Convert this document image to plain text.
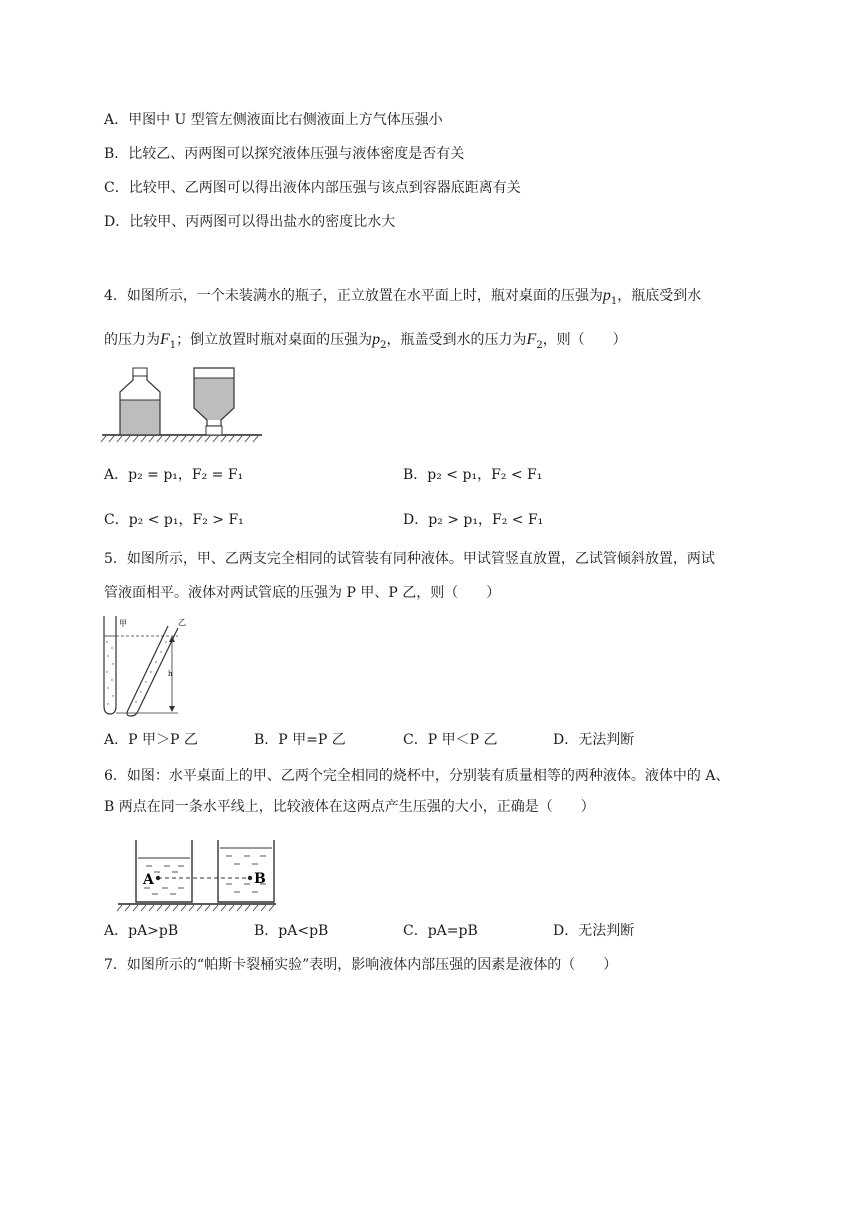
A．甲图中 U 型管左侧液面比右侧液面上方气体压强小
B．比较乙、丙两图可以探究液体压强与液体密度是否有关
C．比较甲、乙两图可以得出液体内部压强与该点到容器底距离有关
D．比较甲、丙两图可以得出盐水的密度比水大
4．如图所示，一个未装满水的瓶子，正立放置在水平面上时，瓶对桌面的压强为$p_1$，瓶底受到水
的压力为$F_1$；倒立放置时瓶对桌面的压强为$p_2$，瓶盖受到水的压力为$F_2$，则（　　）
A．p₂ = p₁，F₂ = F₁	B．p₂ < p₁，F₂ < F₁
C．p₂ < p₁，F₂ > F₁	D．p₂ > p₁，F₂ < F₁
5．如图所示，甲、乙两支完全相同的试管装有同种液体。甲试管竖直放置，乙试管倾斜放置，两试
管液面相平。液体对两试管底的压强为 P 甲、P 乙，则（　　）
甲	乙
h
A．P 甲＞P 乙	B．P 甲=P 乙	C．P 甲＜P 乙	D．无法判断
6．如图：水平桌面上的甲、乙两个完全相同的烧杯中，分别装有质量相等的两种液体。液体中的 A、
B 两点在同一条水平线上，比较液体在这两点产生压强的大小，正确是（　　）
A	B
A．pA>pB	B．pA<pB	C．pA=pB	D．无法判断
7．如图所示的“帕斯卡裂桶实验”表明，影响液体内部压强的因素是液体的（　　）
